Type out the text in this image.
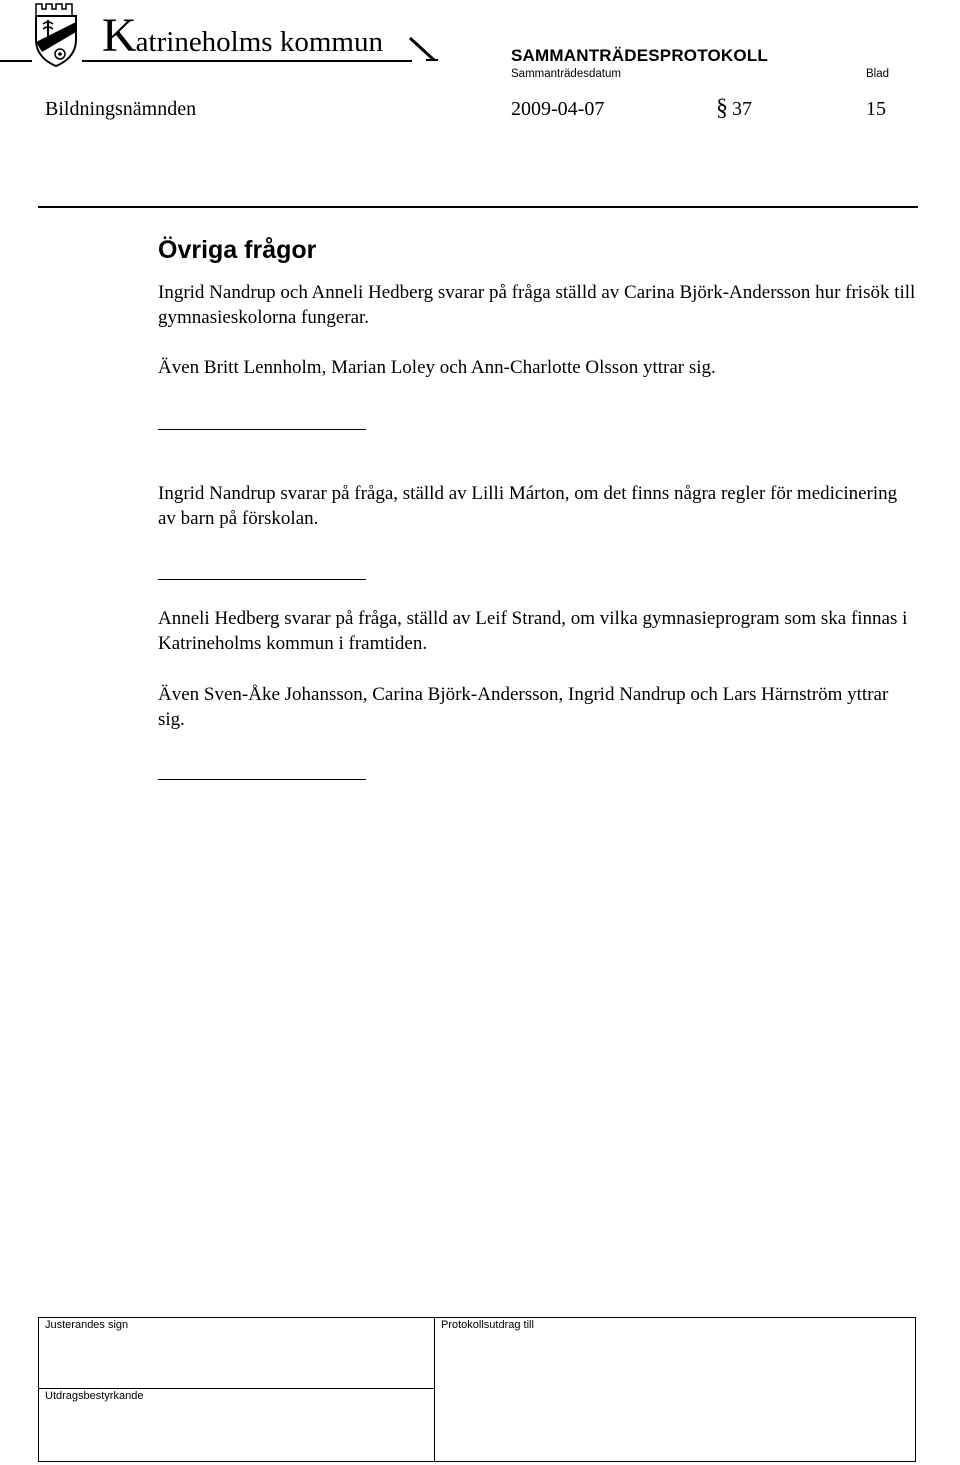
Katrineholms kommun	SAMMANTRÄDESPROTOKOLL
Sammanträdesdatum	Blad
Bildningsnämnden	2009-04-07	§ 37	15
Övriga frågor
Ingrid Nandrup och Anneli Hedberg svarar på fråga ställd av Carina Björk-Andersson hur frisök till gymnasieskolorna fungerar.
Även Britt Lennholm, Marian Loley och Ann-Charlotte Olsson yttrar sig.
Ingrid Nandrup svarar på fråga, ställd av Lilli Márton, om det finns några regler för medicinering av barn på förskolan.
Anneli Hedberg svarar på fråga, ställd av Leif Strand, om vilka gymnasieprogram som ska finnas i Katrineholms kommun i framtiden.
Även Sven-Åke Johansson, Carina Björk-Andersson, Ingrid Nandrup och Lars Härnström yttrar sig.
Justerandes sign	Protokollsutdrag till
Utdragsbestyrkande
